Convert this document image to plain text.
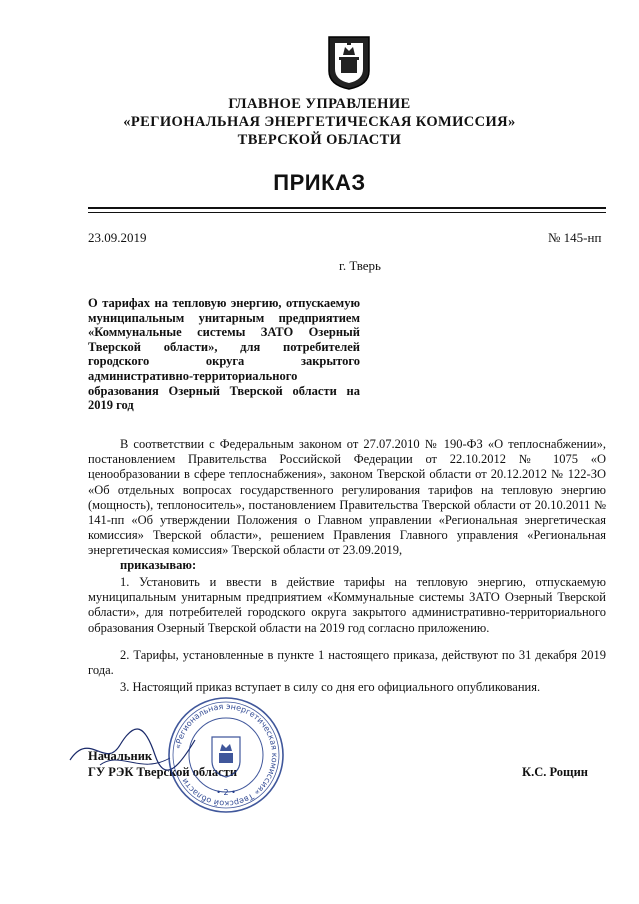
ГЛАВНОЕ УПРАВЛЕНИЕ
«РЕГИОНАЛЬНАЯ ЭНЕРГЕТИЧЕСКАЯ КОМИССИЯ»
ТВЕРСКОЙ ОБЛАСТИ
ПРИКАЗ
23.09.2019	№ 145-нп
г. Тверь
О тарифах на тепловую энергию, отпускаемую муниципальным унитарным предприятием «Коммунальные системы ЗАТО Озерный Тверской области», для потребителей городского округа закрытого административно-территориального образования Озерный Тверской области на 2019 год
В соответствии с Федеральным законом от 27.07.2010 № 190-ФЗ «О теплоснабжении», постановлением Правительства Российской Федерации от 22.10.2012 № 1075 «О ценообразовании в сфере теплоснабжения», законом Тверской области от 20.12.2012 № 122-ЗО «Об отдельных вопросах государственного регулирования тарифов на тепловую энергию (мощность), теплоноситель», постановлением Правительства Тверской области от 20.10.2011 № 141-пп «Об утверждении Положения о Главном управлении «Региональная энергетическая комиссия» Тверской области», решением Правления Главного управления «Региональная энергетическая комиссия» Тверской области от 23.09.2019,
приказываю:
1. Установить и ввести в действие тарифы на тепловую энергию, отпускаемую муниципальным унитарным предприятием «Коммунальные системы ЗАТО Озерный Тверской области», для потребителей городского округа закрытого административно-территориального образования Озерный Тверской области на 2019 год согласно приложению.
2. Тарифы, установленные в пункте 1 настоящего приказа, действуют по 31 декабря 2019 года.
3. Настоящий приказ вступает в силу со дня его официального опубликования.
Начальник
ГУ РЭК Тверской области	К.С. Рощин
«Региональная энергетическая комиссия» Тверской области
• 2 •
